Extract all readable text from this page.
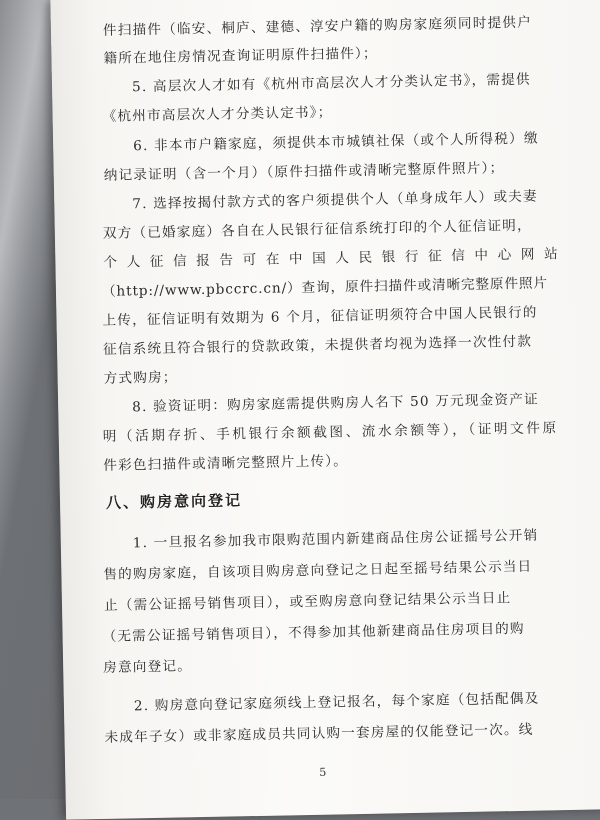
件扫描件（临安、桐庐、建德、淳安户籍的购房家庭须同时提供户
籍所在地住房情况查询证明原件扫描件）；
5. 高层次人才如有《杭州市高层次人才分类认定书》，需提供
《杭州市高层次人才分类认定书》；
6. 非本市户籍家庭，须提供本市城镇社保（或个人所得税）缴
纳记录证明（含一个月）（原件扫描件或清晰完整原件照片）；
7. 选择按揭付款方式的客户须提供个人（单身成年人）或夫妻
双方（已婚家庭）各自在人民银行征信系统打印的个人征信证明，
个人征信报告可在中国人民银行征信中心网站
（http://www.pbccrc.cn/）查询，原件扫描件或清晰完整原件照片
上传，征信证明有效期为 6 个月，征信证明须符合中国人民银行的
征信系统且符合银行的贷款政策，未提供者均视为选择一次性付款
方式购房；
8. 验资证明：购房家庭需提供购房人名下 50 万元现金资产证
明（活期存折、手机银行余额截图、流水余额等），（证明文件原
件彩色扫描件或清晰完整照片上传）。
八、购房意向登记
1. 一旦报名参加我市限购范围内新建商品住房公证摇号公开销
售的购房家庭，自该项目购房意向登记之日起至摇号结果公示当日
止（需公证摇号销售项目），或至购房意向登记结果公示当日止
（无需公证摇号销售项目），不得参加其他新建商品住房项目的购
房意向登记。
2. 购房意向登记家庭须线上登记报名，每个家庭（包括配偶及
未成年子女）或非家庭成员共同认购一套房屋的仅能登记一次。线
5
